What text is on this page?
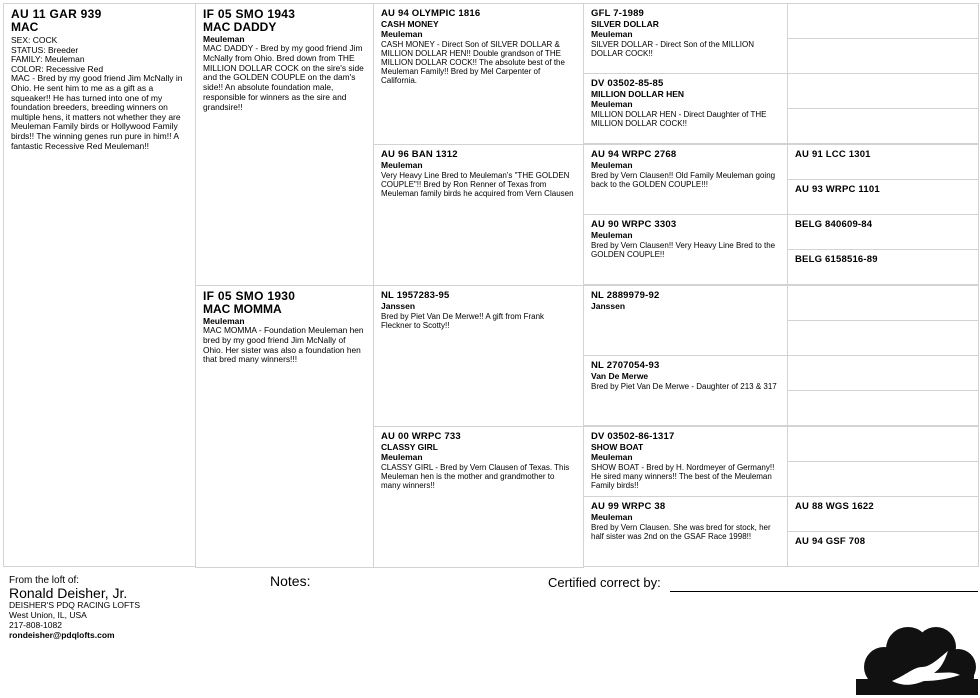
AU 11 GAR 939
MAC
SEX: COCK
STATUS: Breeder
FAMILY: Meuleman
COLOR: Recessive Red
MAC - Bred by my good friend Jim McNally in Ohio. He sent him to me as a gift as a squeaker!! He has turned into one of my foundation breeders, breeding winners on multiple hens, it matters not whether they are Meuleman Family birds or Hollywood Family birds!! The winning genes run pure in him!! A fantastic Recessive Red Meuleman!!
IF 05 SMO 1943
MAC DADDY
Meuleman
MAC DADDY - Bred by my good friend Jim McNally from Ohio. Bred down from THE MILLION DOLLAR COCK on the sire's side and the GOLDEN COUPLE on the dam's side!! An absolute foundation male, responsible for winners as the sire and grandsire!!
IF 05 SMO 1930
MAC MOMMA
Meuleman
MAC MOMMA - Foundation Meuleman hen bred by my good friend Jim McNally of Ohio. Her sister was also a foundation hen that bred many winners!!!
AU 94 OLYMPIC 1816
CASH MONEY
Meuleman
CASH MONEY - Direct Son of SILVER DOLLAR & MILLION DOLLAR HEN!! Double grandson of THE MILLION DOLLAR COCK!! The absolute best of the Meuleman Family!! Bred by Mel Carpenter of California.
AU 96 BAN 1312
Meuleman
Very Heavy Line Bred to Meuleman's "THE GOLDEN COUPLE"!! Bred by Ron Renner of Texas from Meuleman family birds he acquired from Vern Clausen
NL 1957283-95
Janssen
Bred by Piet Van De Merwe!! A gift from Frank Fleckner to Scotty!!
AU 00 WRPC 733
CLASSY GIRL
Meuleman
CLASSY GIRL - Bred by Vern Clausen of Texas. This Meuleman hen is the mother and grandmother to many winners!!
GFL 7-1989
SILVER DOLLAR
Meuleman
SILVER DOLLAR - Direct Son of the MILLION DOLLAR COCK!!
DV 03502-85-85
MILLION DOLLAR HEN
Meuleman
MILLION DOLLAR HEN - Direct Daughter of THE MILLION DOLLAR COCK!!
AU 94 WRPC 2768
Meuleman
Bred by Vern Clausen!! Old Family Meuleman going back to the GOLDEN COUPLE!!!
AU 90 WRPC 3303
Meuleman
Bred by Vern Clausen!! Very Heavy Line Bred to the GOLDEN COUPLE!!
NL 2889979-92
Janssen
NL 2707054-93
Van De Merwe
Bred by Piet Van De Merwe - Daughter of 213 & 317
DV 03502-86-1317
SHOW BOAT
Meuleman
SHOW BOAT - Bred by H. Nordmeyer of Germany!! He sired many winners!! The best of the Meuleman Family birds!!
AU 99 WRPC 38
Meuleman
Bred by Vern Clausen. She was bred for stock, her half sister was 2nd on the GSAF Race 1998!!
AU 91 LCC 1301
AU 93 WRPC 1101
BELG 840609-84
BELG 6158516-89
AU 88 WGS 1622
AU 94 GSF 708
From the loft of:
Ronald Deisher, Jr.
DEISHER'S PDQ RACING LOFTS
West Union, IL, USA
217-808-1082
rondeisher@pdqlofts.com
Notes:	Certified correct by:
